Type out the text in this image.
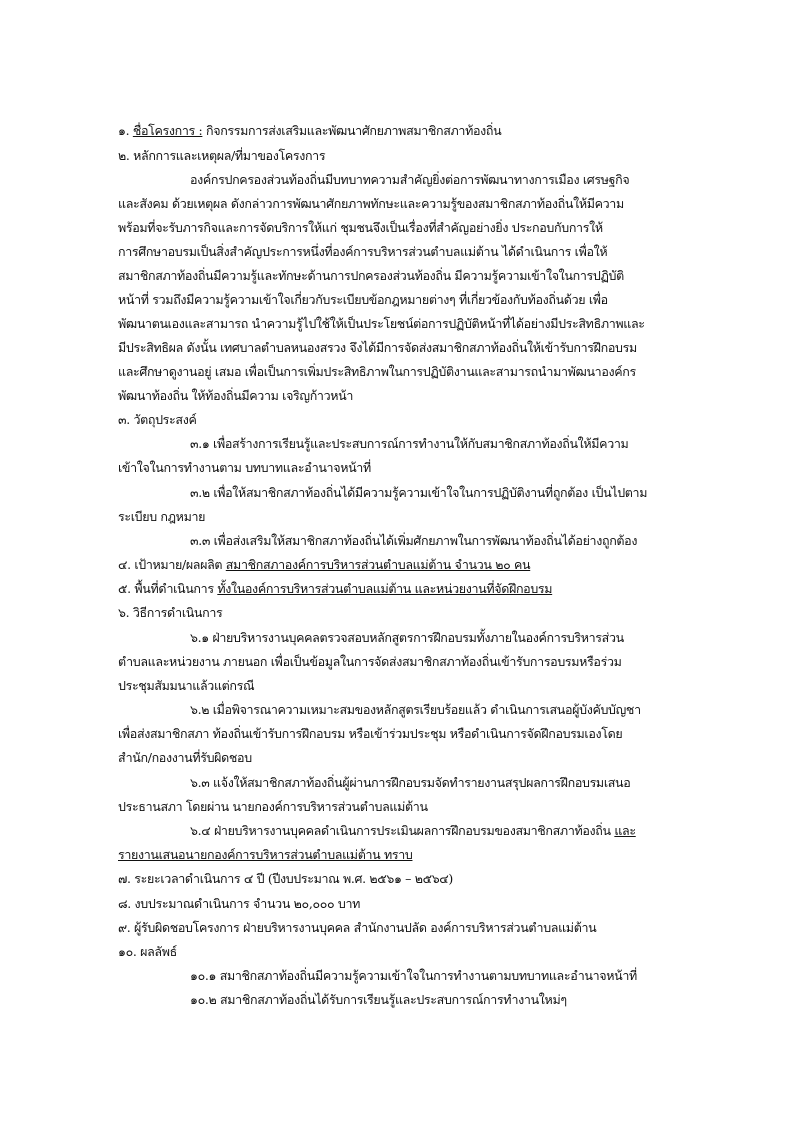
๑. ชื่อโครงการ : กิจกรรมการส่งเสริมและพัฒนาศักยภาพสมาชิกสภาท้องถิ่น
๒. หลักการและเหตุผล/ที่มาของโครงการ
องค์กรปกครองส่วนท้องถิ่นมีบทบาทความสำคัญยิ่งต่อการพัฒนาทางการเมือง เศรษฐกิจ
และสังคม ด้วยเหตุผล ดังกล่าวการพัฒนาศักยภาพทักษะและความรู้ของสมาชิกสภาท้องถิ่นให้มีความ
พร้อมที่จะรับภารกิจและการจัดบริการให้แก่ ชุมชนจึงเป็นเรื่องที่สำคัญอย่างยิ่ง ประกอบกับการให้
การศึกษาอบรมเป็นสิ่งสำคัญประการหนึ่งที่องค์การบริหารส่วนตำบลแม่ต้าน ได้ดำเนินการ เพื่อให้
สมาชิกสภาท้องถิ่นมีความรู้และทักษะด้านการปกครองส่วนท้องถิ่น มีความรู้ความเข้าใจในการปฏิบัติ
หน้าที่ รวมถึงมีความรู้ความเข้าใจเกี่ยวกับระเบียบข้อกฎหมายต่างๆ ที่เกี่ยวข้องกับท้องถิ่นด้วย เพื่อ
พัฒนาตนเองและสามารถ นำความรู้ไปใช้ให้เป็นประโยชน์ต่อการปฏิบัติหน้าที่ได้อย่างมีประสิทธิภาพและ
มีประสิทธิผล ดังนั้น เทศบาลตำบลหนองสรวง จึงได้มีการจัดส่งสมาชิกสภาท้องถิ่นให้เข้ารับการฝึกอบรม
และศึกษาดูงานอยู่ เสมอ เพื่อเป็นการเพิ่มประสิทธิภาพในการปฏิบัติงานและสามารถนำมาพัฒนาองค์กร
พัฒนาท้องถิ่น ให้ท้องถิ่นมีความ เจริญก้าวหน้า
๓. วัตถุประสงค์
๓.๑ เพื่อสร้างการเรียนรู้และประสบการณ์การทำงานให้กับสมาชิกสภาท้องถิ่นให้มีความ
เข้าใจในการทำงานตาม บทบาทและอำนาจหน้าที่
๓.๒ เพื่อให้สมาชิกสภาท้องถิ่นได้มีความรู้ความเข้าใจในการปฏิบัติงานที่ถูกต้อง เป็นไปตาม
ระเบียบ กฎหมาย
๓.๓ เพื่อส่งเสริมให้สมาชิกสภาท้องถิ่นได้เพิ่มศักยภาพในการพัฒนาท้องถิ่นได้อย่างถูกต้อง
๔. เป้าหมาย/ผลผลิต สมาชิกสภาองค์การบริหารส่วนตำบลแม่ต้าน จำนวน ๒๐ คน
๕. พื้นที่ดำเนินการ ทั้งในองค์การบริหารส่วนตำบลแม่ต้าน และหน่วยงานที่จัดฝึกอบรม
๖. วิธีการดำเนินการ
๖.๑ ฝ่ายบริหารงานบุคคลตรวจสอบหลักสูตรการฝึกอบรมทั้งภายในองค์การบริหารส่วน
ตำบลและหน่วยงาน ภายนอก เพื่อเป็นข้อมูลในการจัดส่งสมาชิกสภาท้องถิ่นเข้ารับการอบรมหรือร่วม
ประชุมสัมมนาแล้วแต่กรณี
๖.๒ เมื่อพิจารณาความเหมาะสมของหลักสูตรเรียบร้อยแล้ว ดำเนินการเสนอผู้บังคับบัญชา
เพื่อส่งสมาชิกสภา ท้องถิ่นเข้ารับการฝึกอบรม หรือเข้าร่วมประชุม หรือดำเนินการจัดฝึกอบรมเองโดย
สำนัก/กองงานที่รับผิดชอบ
๖.๓ แจ้งให้สมาชิกสภาท้องถิ่นผู้ผ่านการฝึกอบรมจัดทำรายงานสรุปผลการฝึกอบรมเสนอ
ประธานสภา โดยผ่าน นายกองค์การบริหารส่วนตำบลแม่ต้าน
๖.๔ ฝ่ายบริหารงานบุคคลดำเนินการประเมินผลการฝึกอบรมของสมาชิกสภาท้องถิ่น และ
รายงานเสนอนายกองค์การบริหารส่วนตำบลแม่ต้าน ทราบ
๗. ระยะเวลาดำเนินการ ๔ ปี (ปีงบประมาณ พ.ศ. ๒๕๖๑ – ๒๕๖๔)
๘. งบประมาณดำเนินการ จำนวน ๒๐,๐๐๐ บาท
๙. ผู้รับผิดชอบโครงการ ฝ่ายบริหารงานบุคคล สำนักงานปลัด องค์การบริหารส่วนตำบลแม่ต้าน
๑๐. ผลลัพธ์
๑๐.๑ สมาชิกสภาท้องถิ่นมีความรู้ความเข้าใจในการทำงานตามบทบาทและอำนาจหน้าที่
๑๐.๒ สมาชิกสภาท้องถิ่นได้รับการเรียนรู้และประสบการณ์การทำงานใหม่ๆ
